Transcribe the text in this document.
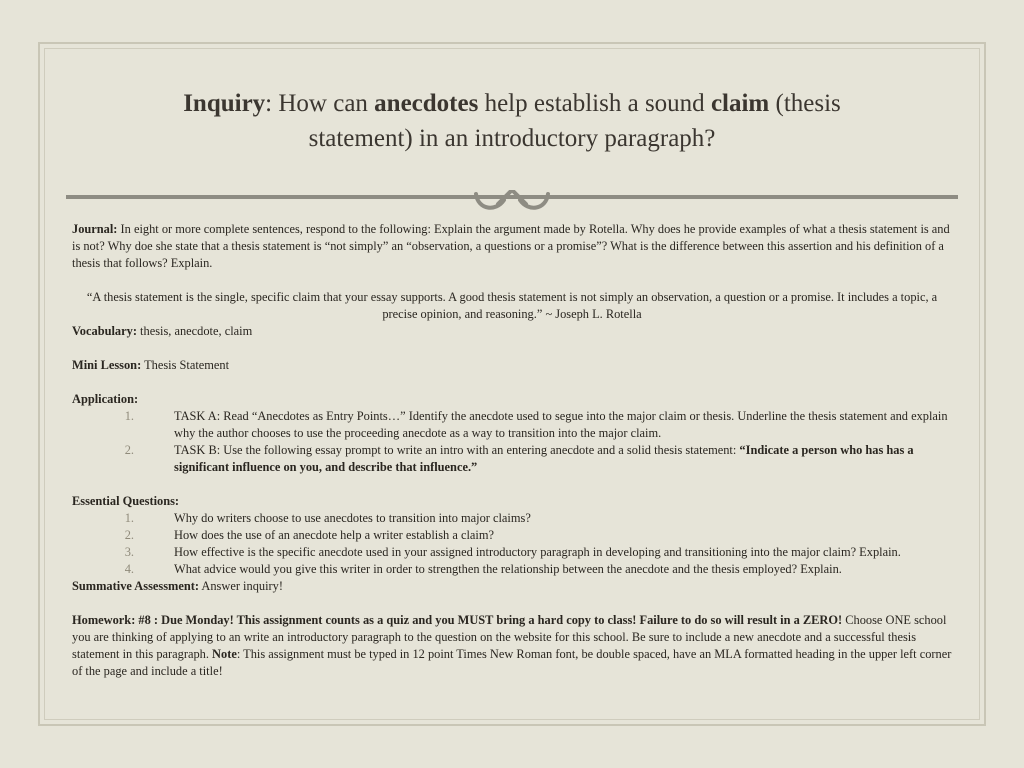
Inquiry: How can anecdotes help establish a sound claim (thesis
statement) in an introductory paragraph?

Journal: In eight or more complete sentences, respond to the following: Explain the argument made by Rotella. Why does he provide examples of what a thesis statement is and is not? Why doe she state that a thesis statement is “not simply” an “observation, a questions or a promise”? What is the difference between this assertion and his definition of a thesis that follows? Explain.

“A thesis statement is the single, specific claim that your essay supports. A good thesis statement is not simply an observation, a question or a promise. It includes a topic, a precise opinion, and reasoning.” ~ Joseph L. Rotella

Vocabulary: thesis, anecdote, claim

Mini Lesson: Thesis Statement

Application:

1.	TASK A: Read “Anecdotes as Entry Points…” Identify the anecdote used to segue into the major claim or thesis. Underline the thesis statement and explain why the author chooses to use the proceeding anecdote as a way to transition into the major claim.
2.	TASK B: Use the following essay prompt to write an intro with an entering anecdote and a solid thesis statement: “Indicate a person who has has a significant influence on you, and describe that influence.”

Essential Questions:

1.	Why do writers choose to use anecdotes to transition into major claims?
2.	How does the use of an anecdote help a writer establish a claim?
3.	How effective is the specific anecdote used in your assigned introductory paragraph in developing and transitioning into the major claim? Explain.
4.	What advice would you give this writer in order to strengthen the relationship between the anecdote and the thesis employed? Explain.

Summative Assessment: Answer inquiry!

Homework: #8 : Due Monday! This assignment counts as a quiz and you MUST bring a hard copy to class! Failure to do so will result in a ZERO! Choose ONE school you are thinking of applying to an write an introductory paragraph to the question on the website for this school. Be sure to include a new anecdote and a successful thesis statement in this paragraph. Note: This assignment must be typed in 12 point Times New Roman font, be double spaced, have an MLA formatted heading in the upper left corner of the page and include a title!
